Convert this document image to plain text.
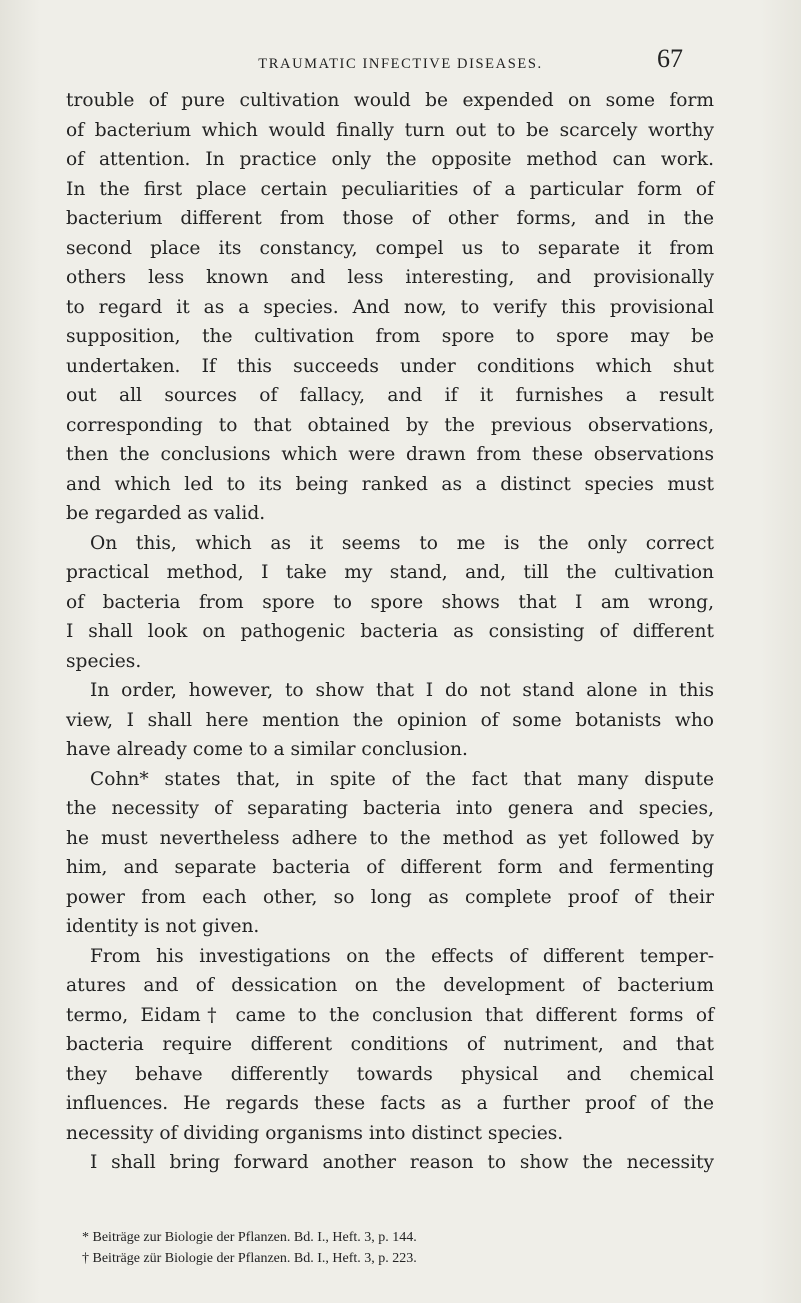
TRAUMATIC INFECTIVE DISEASES.	67
trouble of pure cultivation would be expended on some form
of bacterium which would finally turn out to be scarcely worthy
of attention. In practice only the opposite method can work.
In the first place certain peculiarities of a particular form of
bacterium different from those of other forms, and in the
second place its constancy, compel us to separate it from
others less known and less interesting, and provisionally
to regard it as a species. And now, to verify this provisional
supposition, the cultivation from spore to spore may be
undertaken. If this succeeds under conditions which shut
out all sources of fallacy, and if it furnishes a result
corresponding to that obtained by the previous observations,
then the conclusions which were drawn from these observations
and which led to its being ranked as a distinct species must
be regarded as valid.
On this, which as it seems to me is the only correct
practical method, I take my stand, and, till the cultivation
of bacteria from spore to spore shows that I am wrong,
I shall look on pathogenic bacteria as consisting of different
species.
In order, however, to show that I do not stand alone in this
view, I shall here mention the opinion of some botanists who
have already come to a similar conclusion.
Cohn* states that, in spite of the fact that many dispute
the necessity of separating bacteria into genera and species,
he must nevertheless adhere to the method as yet followed by
him, and separate bacteria of different form and fermenting
power from each other, so long as complete proof of their
identity is not given.
From his investigations on the effects of different temper-
atures and of dessication on the development of bacterium
termo, Eidam† came to the conclusion that different forms of
bacteria require different conditions of nutriment, and that
they behave differently towards physical and chemical
influences. He regards these facts as a further proof of the
necessity of dividing organisms into distinct species.
I shall bring forward another reason to show the necessity
* Beiträge zur Biologie der Pflanzen. Bd. I., Heft. 3, p. 144.
† Beiträge zür Biologie der Pflanzen. Bd. I., Heft. 3, p. 223.
